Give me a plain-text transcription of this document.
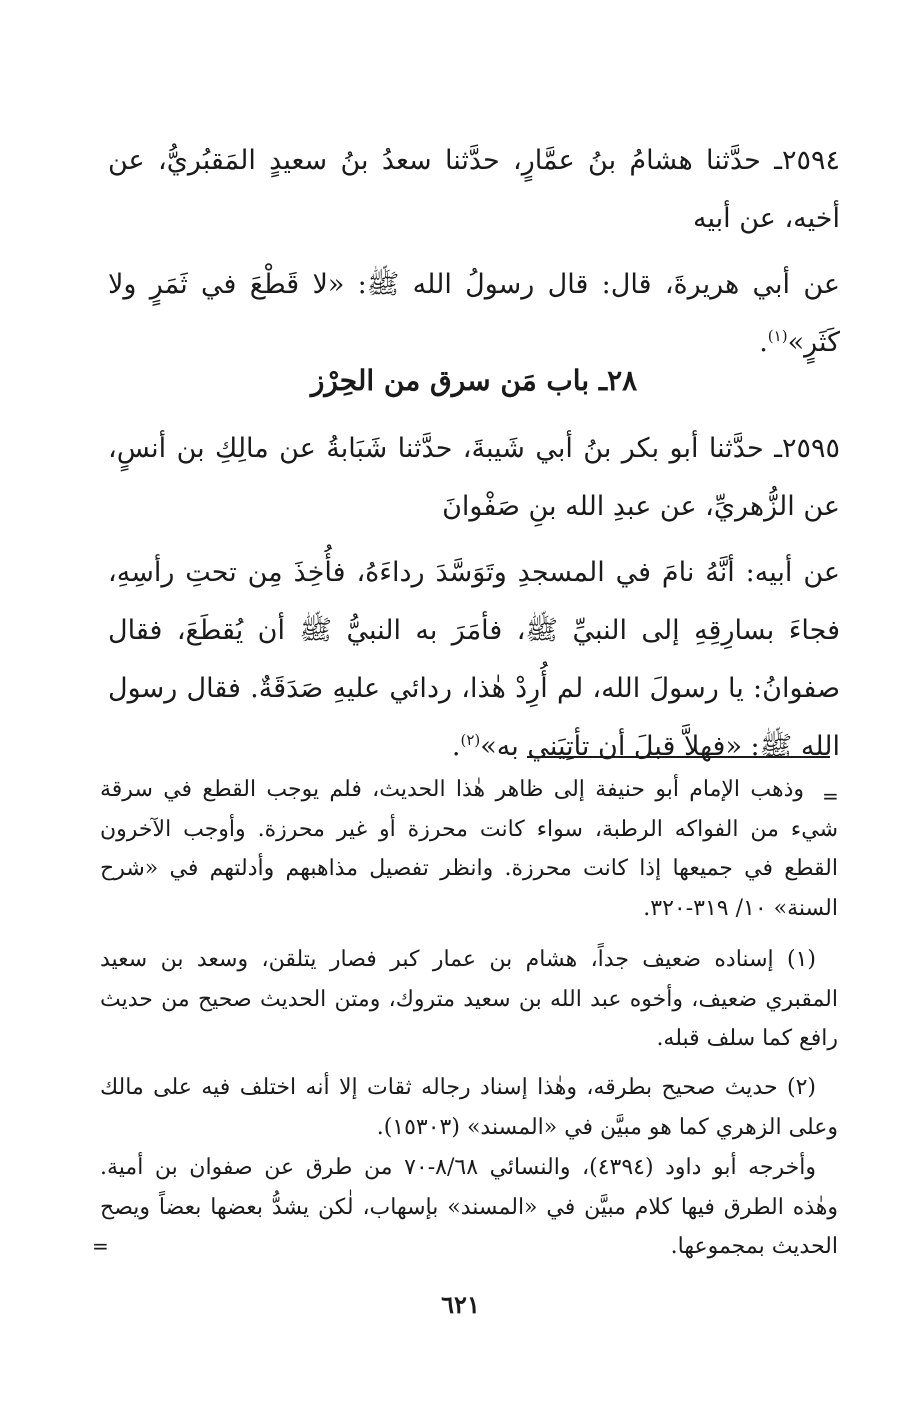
٢٥٩٤ـ حدَّثنا هشامُ بنُ عمَّارٍ، حدَّثنا سعدُ بنُ سعيدٍ المَقبُريُّ، عن أخيه، عن أبيه

عن أبي هريرةَ، قال: قال رسولُ الله ﷺ: «لا قَطْعَ في ثَمَرٍ ولا كَثَرٍ»$^{(١)}$.

٢٨ـ باب مَن سرق من الحِرْز

٢٥٩٥ـ حدَّثنا أبو بكر بنُ أبي شَيبةَ، حدَّثنا شَبَابةُ عن مالِكِ بن أنسٍ، عن الزُّهريِّ، عن عبدِ الله بنِ صَفْوانَ

عن أبيه: أنَّهُ نامَ في المسجدِ وتَوَسَّدَ رداءَهُ، فأُخِذَ مِن تحتِ رأسِهِ، فجاءَ بسارِقِهِ إلى النبيِّ ﷺ، فأمَرَ به النبيُّ ﷺ أن يُقطَعَ، فقال صفوانُ: يا رسولَ الله، لم أُرِدْ هٰذا، ردائي عليهِ صَدَقَةٌ. فقال رسول الله ﷺ: «فهلاَّ قبلَ أن تأتِيَني به»$^{(٢)}$.

=

وذهب الإمام أبو حنيفة إلى ظاهر هٰذا الحديث، فلم يوجب القطع في سرقة شيء من الفواكه الرطبة، سواء كانت محرزة أو غير محرزة. وأوجب الآخرون القطع في جميعها إذا كانت محرزة. وانظر تفصيل مذاهبهم وأدلتهم في «شرح السنة» ١٠/ ٣١٩-٣٢٠.

(١) إسناده ضعيف جداً، هشام بن عمار كبر فصار يتلقن، وسعد بن سعيد المقبري ضعيف، وأخوه عبد الله بن سعيد متروك، ومتن الحديث صحيح من حديث رافع كما سلف قبله.

(٢) حديث صحيح بطرقه، وهٰذا إسناد رجاله ثقات إلا أنه اختلف فيه على مالك وعلى الزهري كما هو مبيَّن في «المسند» (١٥٣٠٣).

وأخرجه أبو داود (٤٣٩٤)، والنسائي ٨/٦٨-٧٠ من طرق عن صفوان بن أمية. وهٰذه الطرق فيها كلام مبيَّن في «المسند» بإسهاب، لٰكن يشدُّ بعضها بعضاً ويصح الحديث بمجموعها.

=
٦٢١
